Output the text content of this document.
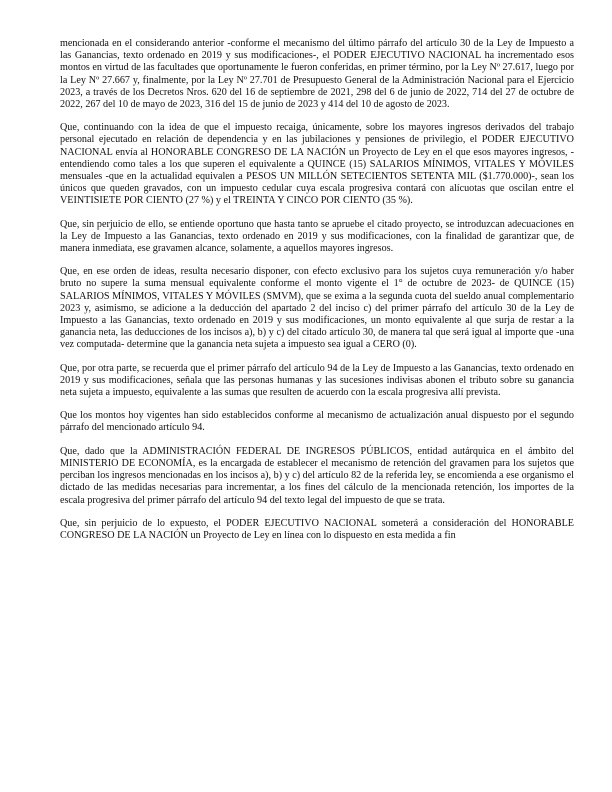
mencionada en el considerando anterior -conforme el mecanismo del último párrafo del artículo 30 de la Ley de Impuesto a las Ganancias, texto ordenado en 2019 y sus modificaciones-, el PODER EJECUTIVO NACIONAL ha incrementado esos montos en virtud de las facultades que oportunamente le fueron conferidas, en primer término, por la Ley Nº 27.617, luego por la Ley Nº 27.667 y, finalmente, por la Ley Nº 27.701 de Presupuesto General de la Administración Nacional para el Ejercicio 2023, a través de los Decretos Nros. 620 del 16 de septiembre de 2021, 298 del 6 de junio de 2022, 714 del 27 de octubre de 2022, 267 del 10 de mayo de 2023, 316 del 15 de junio de 2023 y 414 del 10 de agosto de 2023.

Que, continuando con la idea de que el impuesto recaiga, únicamente, sobre los mayores ingresos derivados del trabajo personal ejecutado en relación de dependencia y en las jubilaciones y pensiones de privilegio, el PODER EJECUTIVO NACIONAL envía al HONORABLE CONGRESO DE LA NACIÓN un Proyecto de Ley en el que esos mayores ingresos, -entendiendo como tales a los que superen el equivalente a QUINCE (15) SALARIOS MÍNIMOS, VITALES Y MÓVILES mensuales -que en la actualidad equivalen a PESOS UN MILLÓN SETECIENTOS SETENTA MIL ($1.770.000)-, sean los únicos que queden gravados, con un impuesto cedular cuya escala progresiva contará con alícuotas que oscilan entre el VEINTISIETE POR CIENTO (27 %) y el TREINTA Y CINCO POR CIENTO (35 %).

Que, sin perjuicio de ello, se entiende oportuno que hasta tanto se apruebe el citado proyecto, se introduzcan adecuaciones en la Ley de Impuesto a las Ganancias, texto ordenado en 2019 y sus modificaciones, con la finalidad de garantizar que, de manera inmediata, ese gravamen alcance, solamente, a aquellos mayores ingresos.

Que, en ese orden de ideas, resulta necesario disponer, con efecto exclusivo para los sujetos cuya remuneración y/o haber bruto no supere la suma mensual equivalente conforme el monto vigente el 1° de octubre de 2023- de QUINCE (15) SALARIOS MÍNIMOS, VITALES Y MÓVILES (SMVM), que se exima a la segunda cuota del sueldo anual complementario 2023 y, asimismo, se adicione a la deducción del apartado 2 del inciso c) del primer párrafo del artículo 30 de la Ley de Impuesto a las Ganancias, texto ordenado en 2019 y sus modificaciones, un monto equivalente al que surja de restar a la ganancia neta, las deducciones de los incisos a), b) y c) del citado artículo 30, de manera tal que será igual al importe que -una vez computada- determine que la ganancia neta sujeta a impuesto sea igual a CERO (0).

Que, por otra parte, se recuerda que el primer párrafo del artículo 94 de la Ley de Impuesto a las Ganancias, texto ordenado en 2019 y sus modificaciones, señala que las personas humanas y las sucesiones indivisas abonen el tributo sobre su ganancia neta sujeta a impuesto, equivalente a las sumas que resulten de acuerdo con la escala progresiva allí prevista.

Que los montos hoy vigentes han sido establecidos conforme al mecanismo de actualización anual dispuesto por el segundo párrafo del mencionado artículo 94.

Que, dado que la ADMINISTRACIÓN FEDERAL DE INGRESOS PÚBLICOS, entidad autárquica en el ámbito del MINISTERIO DE ECONOMÍA, es la encargada de establecer el mecanismo de retención del gravamen para los sujetos que perciban los ingresos mencionadas en los incisos a), b) y c) del artículo 82 de la referida ley, se encomienda a ese organismo el dictado de las medidas necesarias para incrementar, a los fines del cálculo de la mencionada retención, los importes de la escala progresiva del primer párrafo del artículo 94 del texto legal del impuesto de que se trata.

Que, sin perjuicio de lo expuesto, el PODER EJECUTIVO NACIONAL someterá a consideración del HONORABLE CONGRESO DE LA NACIÓN un Proyecto de Ley en línea con lo dispuesto en esta medida a fin
